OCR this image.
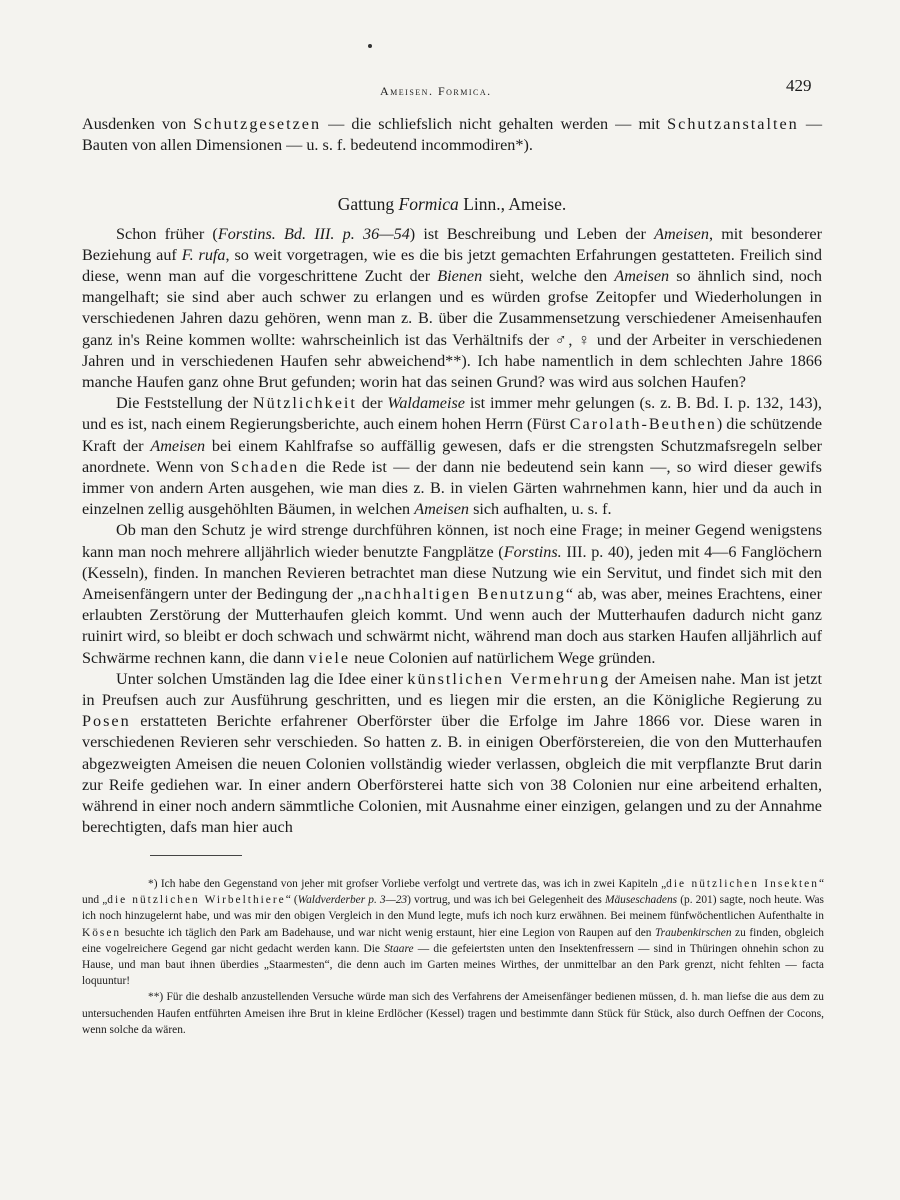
Ameisen. Formica.	429

Ausdenken von Schutzgesetzen — die schliefslich nicht gehalten werden — mit Schutzanstalten — Bauten von allen Dimensionen — u. s. f. bedeutend incommodiren*).

Gattung Formica Linn., Ameise.

Schon früher (Forstins. Bd. III. p. 36—54) ist Beschreibung und Leben der Ameisen, mit besonderer Beziehung auf F. rufa, so weit vorgetragen, wie es die bis jetzt gemachten Erfahrungen gestatteten. Freilich sind diese, wenn man auf die vorgeschrittene Zucht der Bienen sieht, welche den Ameisen so ähnlich sind, noch mangelhaft; sie sind aber auch schwer zu erlangen und es würden grofse Zeitopfer und Wiederholungen in verschiedenen Jahren dazu gehören, wenn man z. B. über die Zusammensetzung verschiedener Ameisenhaufen ganz in's Reine kommen wollte: wahrscheinlich ist das Verhältnifs der ♂, ♀ und der Arbeiter in verschiedenen Jahren und in verschiedenen Haufen sehr abweichend**). Ich habe namentlich in dem schlechten Jahre 1866 manche Haufen ganz ohne Brut gefunden; worin hat das seinen Grund? was wird aus solchen Haufen?

Die Feststellung der Nützlichkeit der Waldameise ist immer mehr gelungen (s. z. B. Bd. I. p. 132, 143), und es ist, nach einem Regierungsberichte, auch einem hohen Herrn (Fürst Carolath-Beuthen) die schützende Kraft der Ameisen bei einem Kahlfrafse so auffällig gewesen, dafs er die strengsten Schutzmafsregeln selber anordnete. Wenn von Schaden die Rede ist — der dann nie bedeutend sein kann —, so wird dieser gewifs immer von andern Arten ausgehen, wie man dies z. B. in vielen Gärten wahrnehmen kann, hier und da auch in einzelnen zellig ausgehöhlten Bäumen, in welchen Ameisen sich aufhalten, u. s. f.

Ob man den Schutz je wird strenge durchführen können, ist noch eine Frage; in meiner Gegend wenigstens kann man noch mehrere alljährlich wieder benutzte Fangplätze (Forstins. III. p. 40), jeden mit 4—6 Fanglöchern (Kesseln), finden. In manchen Revieren betrachtet man diese Nutzung wie ein Servitut, und findet sich mit den Ameisenfängern unter der Bedingung der „nachhaltigen Benutzung“ ab, was aber, meines Erachtens, einer erlaubten Zerstörung der Mutterhaufen gleich kommt. Und wenn auch der Mutterhaufen dadurch nicht ganz ruinirt wird, so bleibt er doch schwach und schwärmt nicht, während man doch aus starken Haufen alljährlich auf Schwärme rechnen kann, die dann viele neue Colonien auf natürlichem Wege gründen.

Unter solchen Umständen lag die Idee einer künstlichen Vermehrung der Ameisen nahe. Man ist jetzt in Preufsen auch zur Ausführung geschritten, und es liegen mir die ersten, an die Königliche Regierung zu Posen erstatteten Berichte erfahrener Oberförster über die Erfolge im Jahre 1866 vor. Diese waren in verschiedenen Revieren sehr verschieden. So hatten z. B. in einigen Oberförstereien, die von den Mutterhaufen abgezweigten Ameisen die neuen Colonien vollständig wieder verlassen, obgleich die mit verpflanzte Brut darin zur Reife gediehen war. In einer andern Oberförsterei hatte sich von 38 Colonien nur eine arbeitend erhalten, während in einer noch andern sämmtliche Colonien, mit Ausnahme einer einzigen, gelangen und zu der Annahme berechtigten, dafs man hier auch

*) Ich habe den Gegenstand von jeher mit grofser Vorliebe verfolgt und vertrete das, was ich in zwei Kapiteln „die nützlichen Insekten“ und „die nützlichen Wirbelthiere“ (Waldverderber p. 3—23) vortrug, und was ich bei Gelegenheit des Mäuseschadens (p. 201) sagte, noch heute. Was ich noch hinzugelernt habe, und was mir den obigen Vergleich in den Mund legte, mufs ich noch kurz erwähnen. Bei meinem fünfwöchentlichen Aufenthalte in Kösen besuchte ich täglich den Park am Badehause, und war nicht wenig erstaunt, hier eine Legion von Raupen auf den Traubenkirschen zu finden, obgleich eine vogelreichere Gegend gar nicht gedacht werden kann. Die Staare — die gefeiertsten unten den Insektenfressern — sind in Thüringen ohnehin schon zu Hause, und man baut ihnen überdies „Staarmesten“, die denn auch im Garten meines Wirthes, der unmittelbar an den Park grenzt, nicht fehlten — facta loquuntur!

**) Für die deshalb anzustellenden Versuche würde man sich des Verfahrens der Ameisenfänger bedienen müssen, d. h. man liefse die aus dem zu untersuchenden Haufen entführten Ameisen ihre Brut in kleine Erdlöcher (Kessel) tragen und bestimmte dann Stück für Stück, also durch Oeffnen der Cocons, wenn solche da wären.
